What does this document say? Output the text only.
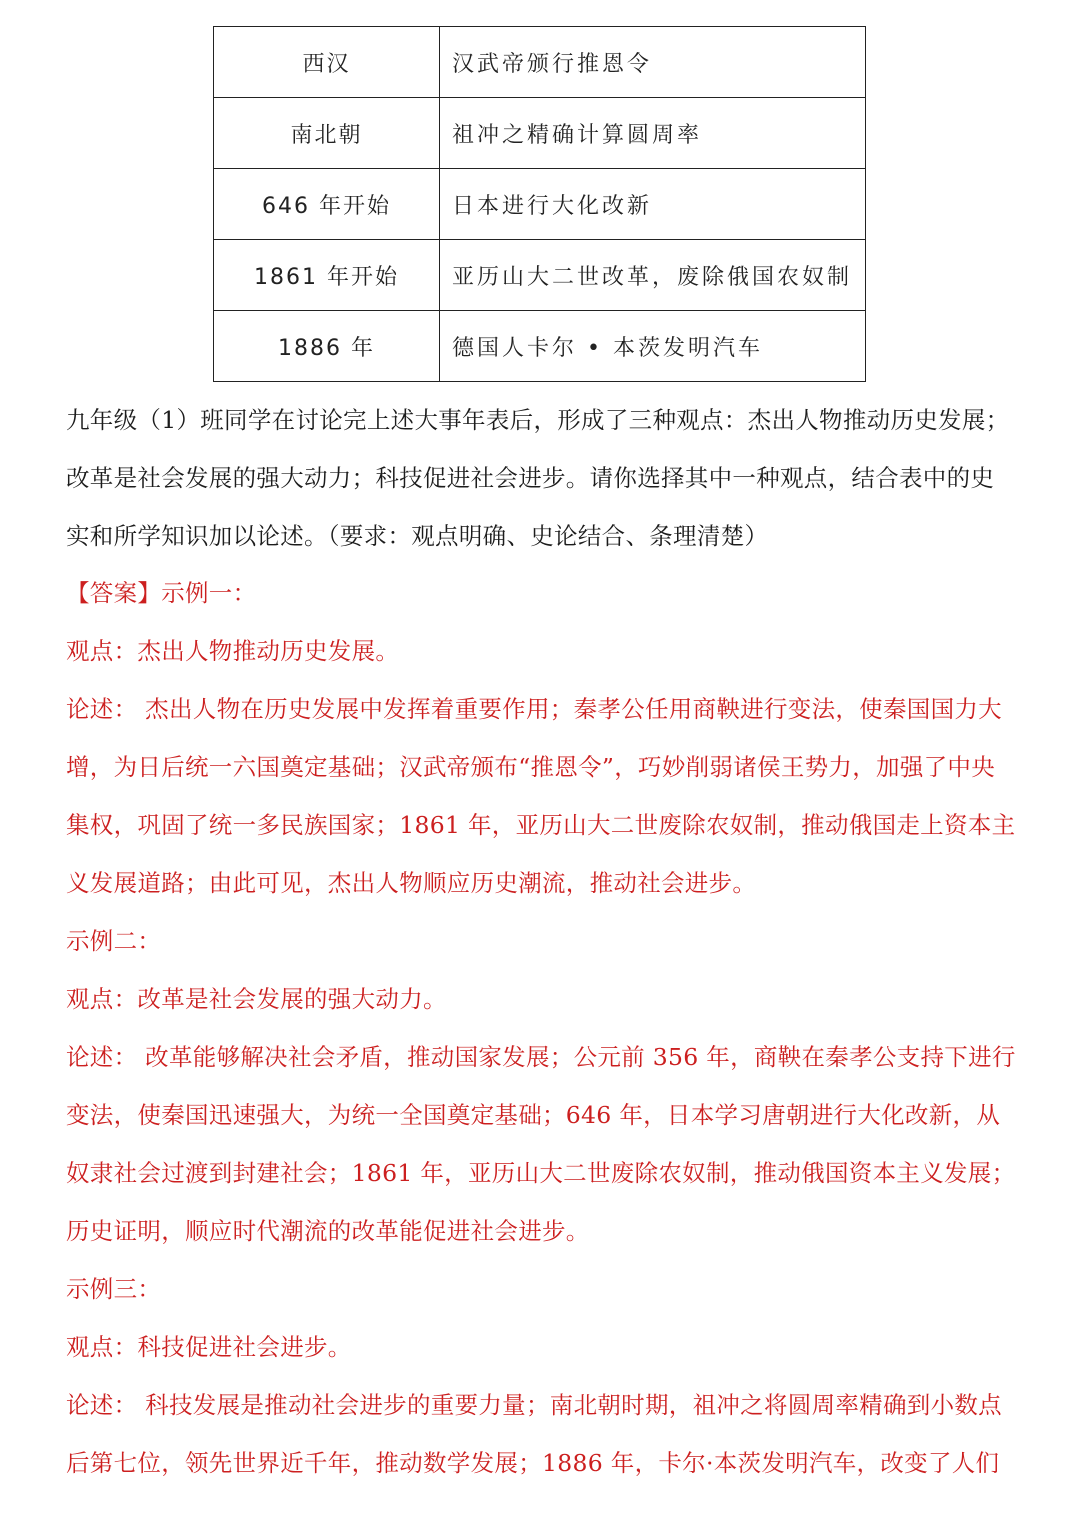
西汉	汉武帝颁行推恩令
南北朝	祖冲之精确计算圆周率
646 年开始	日本进行大化改新
1861 年开始	亚历山大二世改革，废除俄国农奴制
1886 年	德国人卡尔 • 本茨发明汽车
九年级（1）班同学在讨论完上述大事年表后，形成了三种观点：杰出人物推动历史发展；
改革是社会发展的强大动力；科技促进社会进步。请你选择其中一种观点，结合表中的史
实和所学知识加以论述。（要求：观点明确、史论结合、条理清楚）
【答案】示例一：
观点：杰出人物推动历史发展。
论述： 杰出人物在历史发展中发挥着重要作用；秦孝公任用商鞅进行变法，使秦国国力大
增，为日后统一六国奠定基础；汉武帝颁布“推恩令”，巧妙削弱诸侯王势力，加强了中央
集权，巩固了统一多民族国家；1861 年，亚历山大二世废除农奴制，推动俄国走上资本主
义发展道路；由此可见，杰出人物顺应历史潮流，推动社会进步。
示例二：
观点：改革是社会发展的强大动力。
论述： 改革能够解决社会矛盾，推动国家发展；公元前 356 年，商鞅在秦孝公支持下进行
变法，使秦国迅速强大，为统一全国奠定基础；646 年，日本学习唐朝进行大化改新，从
奴隶社会过渡到封建社会；1861 年，亚历山大二世废除农奴制，推动俄国资本主义发展；
历史证明，顺应时代潮流的改革能促进社会进步。
示例三：
观点：科技促进社会进步。
论述： 科技发展是推动社会进步的重要力量；南北朝时期，祖冲之将圆周率精确到小数点
后第七位，领先世界近千年，推动数学发展；1886 年，卡尔·本茨发明汽车，改变了人们
